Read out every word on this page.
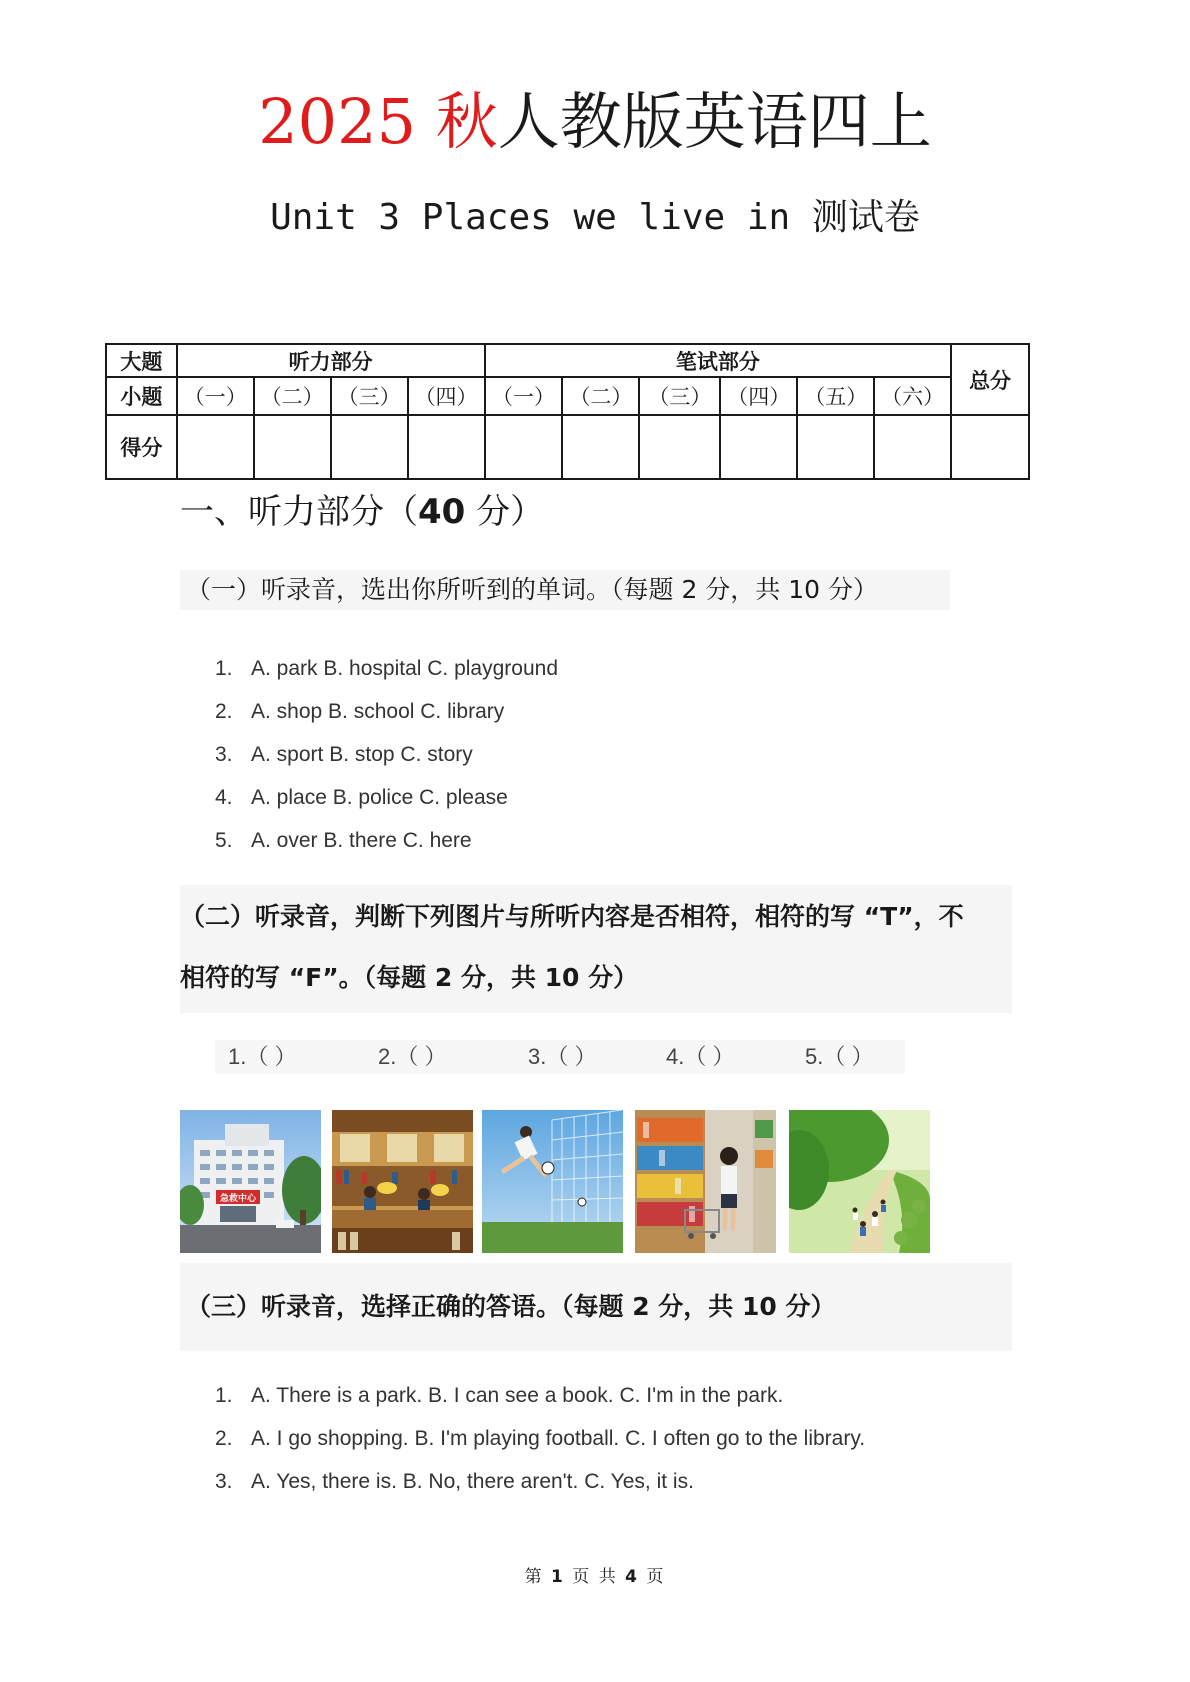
2025 秋人教版英语四上
Unit 3 Places we live in 测试卷
大题	听力部分				笔试部分						总分
小题	（一）	（二）	（三）	（四）	（一）	（二）	（三）	（四）	（五）	（六）	
得分											
一、听力部分（40 分）
（一）听录音，选出你所听到的单词。（每题 2 分，共 10 分）
1. A. park B. hospital C. playground
2. A. shop B. school C. library
3. A. sport B. stop C. story
4. A. place B. police C. please
5. A. over B. there C. here
（二）听录音，判断下列图片与所听内容是否相符，相符的写 “T”，不
相符的写 “F”。（每题 2 分，共 10 分）
1.（ ）	2.（ ）	3.（ ）	4.（ ）	5.（ ）
急救中心
（三）听录音，选择正确的答语。（每题 2 分，共 10 分）
1. A. There is a park. B. I can see a book. C. I'm in the park.
2. A. I go shopping. B. I'm playing football. C. I often go to the library.
3. A. Yes, there is. B. No, there aren't. C. Yes, it is.
第 1 页 共 4 页
